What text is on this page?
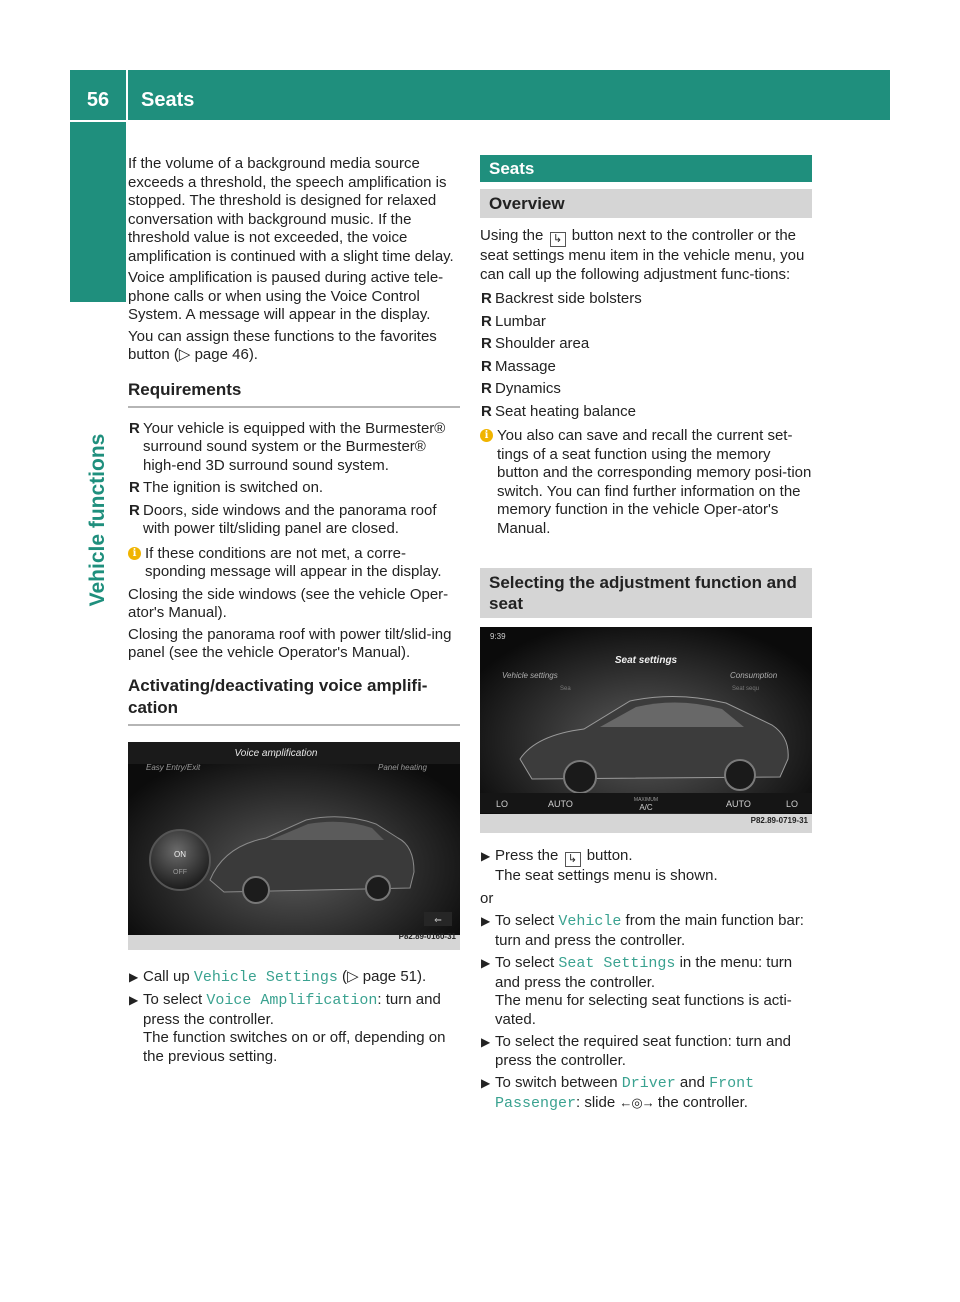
56	Seats
Vehicle functions

If the volume of a background media source exceeds a threshold, the speech amplification is stopped. The threshold is designed for relaxed conversation with background music. If the threshold value is not exceeded, the voice amplification is continued with a slight time delay.

Voice amplification is paused during active tele-phone calls or when using the Voice Control System. A message will appear in the display.

You can assign these functions to the favorites button (▷ page 46).

Requirements
R Your vehicle is equipped with the Burmester® surround sound system or the Burmester® high-end 3D surround sound system.
R The ignition is switched on.
R Doors, side windows and the panorama roof with power tilt/sliding panel are closed.
i If these conditions are not met, a corre-sponding message will appear in the display.

Closing the side windows (see the vehicle Oper-ator's Manual).

Closing the panorama roof with power tilt/slid-ing panel (see the vehicle Operator's Manual).

Activating/deactivating voice amplifi-cation
Voice amplification
Easy Entry/Exit	Panel heating
ON
OFF
⇐
P82.89-0160-31
▶ Call up Vehicle Settings (▷ page 51).
▶ To select Voice Amplification: turn and press the controller.
The function switches on or off, depending on the previous setting.
Seats
Overview

Using the ↳ button next to the controller or the seat settings menu item in the vehicle menu, you can call up the following adjustment func-tions:

R Backrest side bolsters
R Lumbar
R Shoulder area
R Massage
R Dynamics
R Seat heating balance
i You also can save and recall the current set-tings of a seat function using the memory button and the corresponding memory posi-tion switch. You can find further information on the memory function in the vehicle Oper-ator's Manual.
Selecting the adjustment function and seat
9:39
Seat settings
Vehicle settings	Consumption
Sea	Seat sequ
LO	AUTO	MAXIMUM
A/C	AUTO	LO
P82.89-0719-31
▶ Press the ↳ button.
The seat settings menu is shown.

or

▶ To select Vehicle from the main function bar: turn and press the controller.
▶ To select Seat Settings in the menu: turn and press the controller.
The menu for selecting seat functions is acti-vated.
▶ To select the required seat function: turn and press the controller.
▶ To switch between Driver and Front Passenger: slide ←◎→ the controller.
